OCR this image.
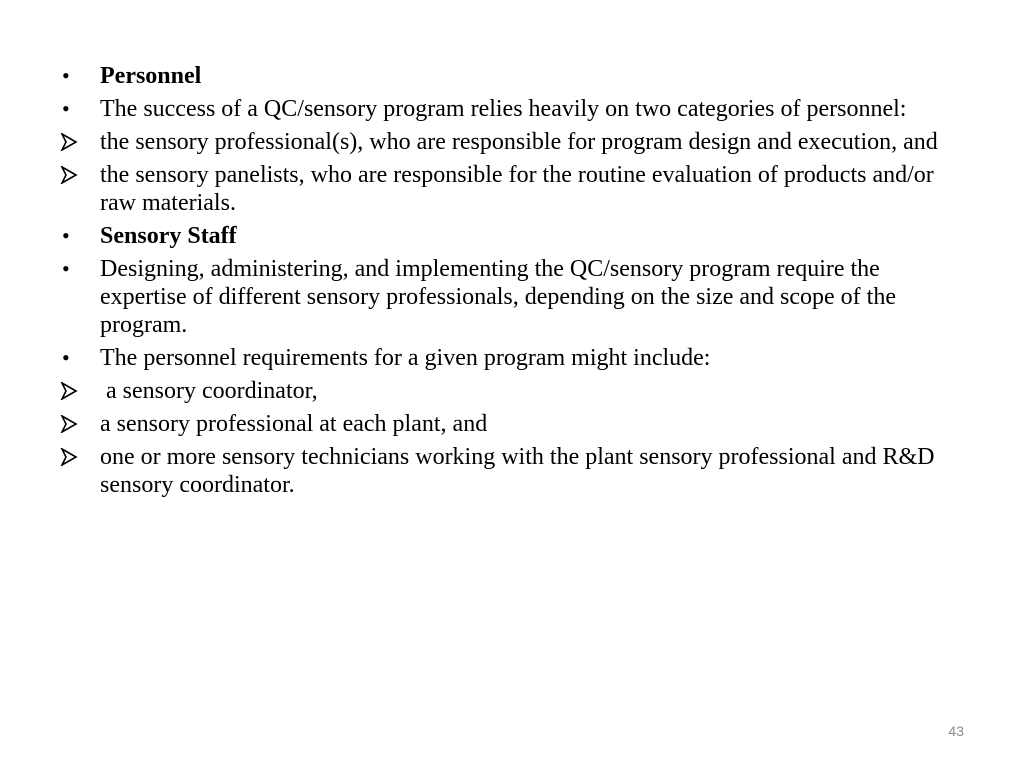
•	Personnel
•	The success of a QC/sensory program relies heavily on two categories of personnel:
the sensory professional(s), who are responsible for program design and execution, and
the sensory panelists, who are responsible for the routine evaluation of products and/or raw materials.
•	Sensory Staff
•	Designing, administering, and implementing the QC/sensory program require the expertise of different sensory professionals, depending on the size and scope of the program.
•	The personnel requirements for a given program might include:
a sensory coordinator,
a sensory professional at each plant, and
one or more sensory technicians working with the plant sensory professional and R&D sensory coordinator.
43
